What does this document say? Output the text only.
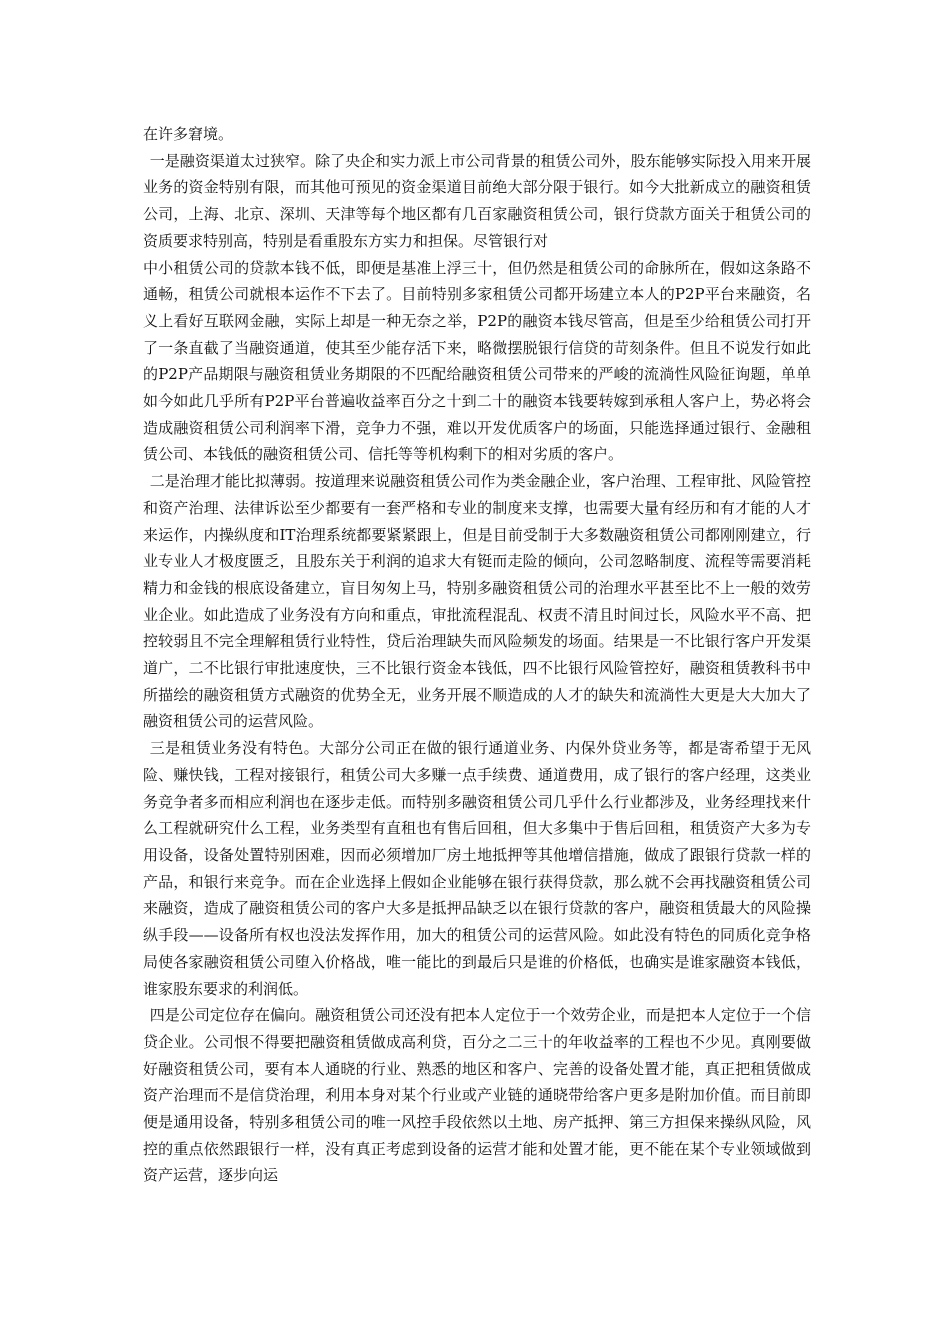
在许多窘境。

一是融资渠道太过狭窄。除了央企和实力派上市公司背景的租赁公司外，股东能够实际投入用来开展业务的资金特别有限，而其他可预见的资金渠道目前绝大部分限于银行。如今大批新成立的融资租赁公司，上海、北京、深圳、天津等每个地区都有几百家融资租赁公司，银行贷款方面关于租赁公司的资质要求特别高，特别是看重股东方实力和担保。尽管银行对

中小租赁公司的贷款本钱不低，即便是基准上浮三十，但仍然是租赁公司的命脉所在，假如这条路不通畅，租赁公司就根本运作不下去了。目前特别多家租赁公司都开场建立本人的P2P平台来融资，名义上看好互联网金融，实际上却是一种无奈之举，P2P的融资本钱尽管高，但是至少给租赁公司打开了一条直截了当融资通道，使其至少能存活下来，略微摆脱银行信贷的苛刻条件。但且不说发行如此的P2P产品期限与融资租赁业务期限的不匹配给融资租赁公司带来的严峻的流淌性风险征询题，单单如今如此几乎所有P2P平台普遍收益率百分之十到二十的融资本钱要转嫁到承租人客户上，势必将会造成融资租赁公司利润率下滑，竞争力不强，难以开发优质客户的场面，只能选择通过银行、金融租赁公司、本钱低的融资租赁公司、信托等等机构剩下的相对劣质的客户。

二是治理才能比拟薄弱。按道理来说融资租赁公司作为类金融企业，客户治理、工程审批、风险管控和资产治理、法律诉讼至少都要有一套严格和专业的制度来支撑，也需要大量有经历和有才能的人才来运作，内操纵度和IT治理系统都要紧紧跟上，但是目前受制于大多数融资租赁公司都刚刚建立，行业专业人才极度匮乏，且股东关于利润的追求大有铤而走险的倾向，公司忽略制度、流程等需要消耗精力和金钱的根底设备建立，盲目匆匆上马，特别多融资租赁公司的治理水平甚至比不上一般的效劳业企业。如此造成了业务没有方向和重点，审批流程混乱、权责不清且时间过长，风险水平不高、把控较弱且不完全理解租赁行业特性，贷后治理缺失而风险频发的场面。结果是一不比银行客户开发渠道广，二不比银行审批速度快，三不比银行资金本钱低，四不比银行风险管控好，融资租赁教科书中所描绘的融资租赁方式融资的优势全无，业务开展不顺造成的人才的缺失和流淌性大更是大大加大了融资租赁公司的运营风险。

三是租赁业务没有特色。大部分公司正在做的银行通道业务、内保外贷业务等，都是寄希望于无风险、赚快钱，工程对接银行，租赁公司大多赚一点手续费、通道费用，成了银行的客户经理，这类业务竞争者多而相应利润也在逐步走低。而特别多融资租赁公司几乎什么行业都涉及，业务经理找来什么工程就研究什么工程，业务类型有直租也有售后回租，但大多集中于售后回租，租赁资产大多为专用设备，设备处置特别困难，因而必须增加厂房土地抵押等其他增信措施，做成了跟银行贷款一样的产品，和银行来竞争。而在企业选择上假如企业能够在银行获得贷款，那么就不会再找融资租赁公司来融资，造成了融资租赁公司的客户大多是抵押品缺乏以在银行贷款的客户，融资租赁最大的风险操纵手段——设备所有权也没法发挥作用，加大的租赁公司的运营风险。如此没有特色的同质化竞争格局使各家融资租赁公司堕入价格战，唯一能比的到最后只是谁的价格低，也确实是谁家融资本钱低，谁家股东要求的利润低。

四是公司定位存在偏向。融资租赁公司还没有把本人定位于一个效劳企业，而是把本人定位于一个信贷企业。公司恨不得要把融资租赁做成高利贷，百分之二三十的年收益率的工程也不少见。真刚要做好融资租赁公司，要有本人通晓的行业、熟悉的地区和客户、完善的设备处置才能，真正把租赁做成资产治理而不是信贷治理，利用本身对某个行业或产业链的通晓带给客户更多是附加价值。而目前即便是通用设备，特别多租赁公司的唯一风控手段依然以土地、房产抵押、第三方担保来操纵风险，风控的重点依然跟银行一样，没有真正考虑到设备的运营才能和处置才能，更不能在某个专业领域做到资产运营，逐步向运
